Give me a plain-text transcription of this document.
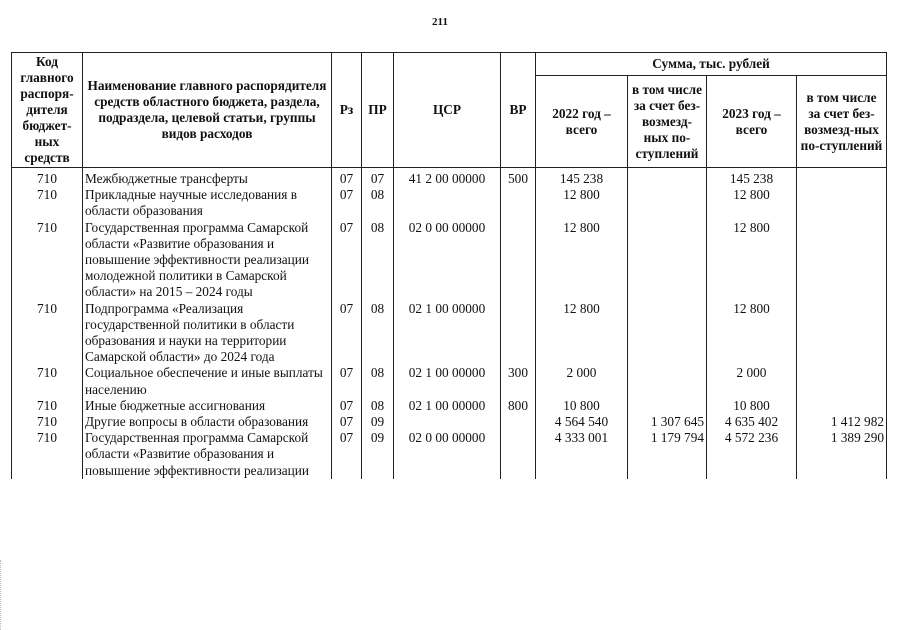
211
Код главного распоря-дителя бюджет-ных средств	Наименование главного распорядителя средств областного бюджета, раздела, подраздела, целевой статьи, группы видов расходов	Рз	ПР	ЦСР	ВР	Сумма, тыс. рублей			
						2022 год – всего	в том числе за счет без-возмезд-ных по-ступлений	2023 год – всего	в том числе за счет без-возмезд-ных по-ступлений
710	Межбюджетные трансферты	07	07	41 2 00 00000	500	145 238		145 238	
710	Прикладные научные исследования в области образования	07	08			12 800		12 800	
710	Государственная программа Самарской области «Развитие образования и повышение эффективности реализации молодежной политики в Самарской области» на 2015 – 2024 годы	07	08	02 0 00 00000		12 800		12 800	
710	Подпрограмма «Реализация государственной политики в области образования и науки на территории Самарской области» до 2024 года	07	08	02 1 00 00000		12 800		12 800	
710	Социальное обеспечение и иные выплаты населению	07	08	02 1 00 00000	300	2 000		2 000	
710	Иные бюджетные ассигнования	07	08	02 1 00 00000	800	10 800		10 800	
710	Другие вопросы в области образования	07	09			4 564 540	1 307 645	4 635 402	1 412 982
710	Государственная программа Самарской области «Развитие образования и повышение эффективности реализации	07	09	02 0 00 00000		4 333 001	1 179 794	4 572 236	1 389 290
